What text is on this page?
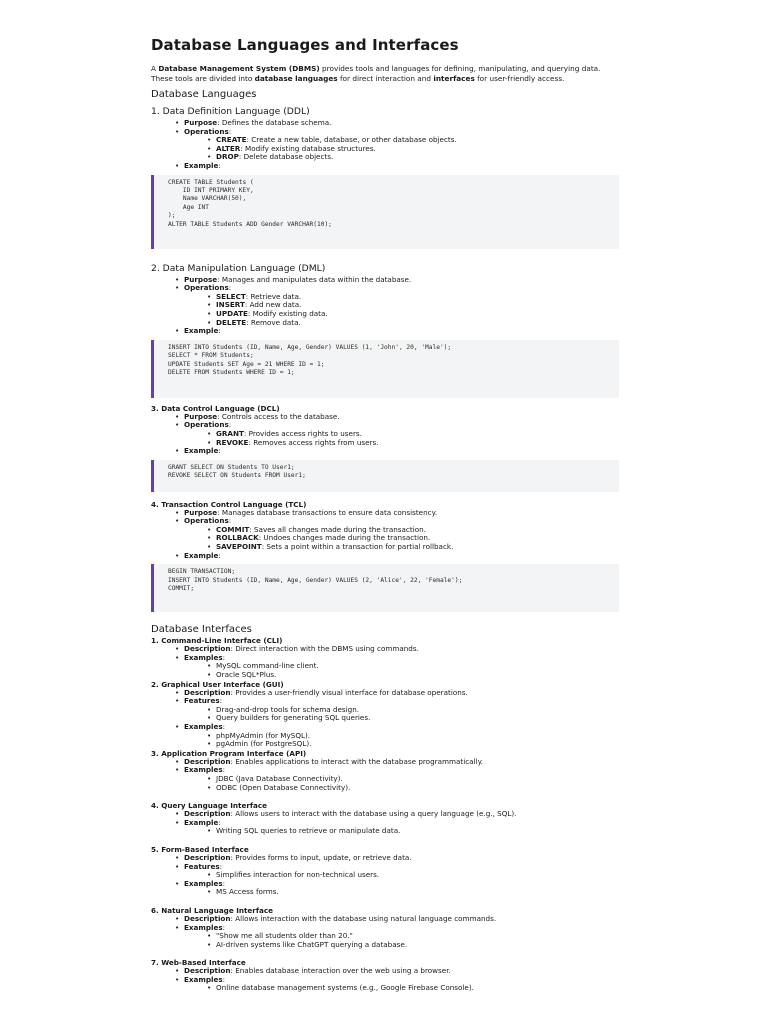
Database Languages and Interfaces

A Database Management System (DBMS) provides tools and languages for defining, manipulating, and querying data. These tools are divided into database languages for direct interaction and interfaces for user-friendly access.

Database Languages
1. Data Definition Language (DDL)
• Purpose: Defines the database schema.
• Operations:
• CREATE: Create a new table, database, or other database objects.
• ALTER: Modify existing database structures.
• DROP: Delete database objects.
• Example:
CREATE TABLE Students (
ID INT PRIMARY KEY,
Name VARCHAR(50),
Age INT
);
ALTER TABLE Students ADD Gender VARCHAR(10);
2. Data Manipulation Language (DML)
• Purpose: Manages and manipulates data within the database.
• Operations:
• SELECT: Retrieve data.
• INSERT: Add new data.
• UPDATE: Modify existing data.
• DELETE: Remove data.
• Example:
INSERT INTO Students (ID, Name, Age, Gender) VALUES (1, 'John', 20, 'Male');
SELECT * FROM Students;
UPDATE Students SET Age = 21 WHERE ID = 1;
DELETE FROM Students WHERE ID = 1;
3. Data Control Language (DCL)
• Purpose: Controls access to the database.
• Operations:
• GRANT: Provides access rights to users.
• REVOKE: Removes access rights from users.
• Example:
GRANT SELECT ON Students TO User1;
REVOKE SELECT ON Students FROM User1;
4. Transaction Control Language (TCL)
• Purpose: Manages database transactions to ensure data consistency.
• Operations:
• COMMIT: Saves all changes made during the transaction.
• ROLLBACK: Undoes changes made during the transaction.
• SAVEPOINT: Sets a point within a transaction for partial rollback.
• Example:
BEGIN TRANSACTION;
INSERT INTO Students (ID, Name, Age, Gender) VALUES (2, 'Alice', 22, 'Female');
COMMIT;
Database Interfaces
1. Command-Line Interface (CLI)
• Description: Direct interaction with the DBMS using commands.
• Examples:
• MySQL command-line client.
• Oracle SQL*Plus.
2. Graphical User Interface (GUI)
• Description: Provides a user-friendly visual interface for database operations.
• Features:
• Drag-and-drop tools for schema design.
• Query builders for generating SQL queries.
• Examples:
• phpMyAdmin (for MySQL).
• pgAdmin (for PostgreSQL).
3. Application Program Interface (API)
• Description: Enables applications to interact with the database programmatically.
• Examples:
• JDBC (Java Database Connectivity).
• ODBC (Open Database Connectivity).
4. Query Language Interface
• Description: Allows users to interact with the database using a query language (e.g., SQL).
• Example:
• Writing SQL queries to retrieve or manipulate data.
5. Form-Based Interface
• Description: Provides forms to input, update, or retrieve data.
• Features:
• Simplifies interaction for non-technical users.
• Examples:
• MS Access forms.
6. Natural Language Interface
• Description: Allows interaction with the database using natural language commands.
• Examples:
• "Show me all students older than 20."
• AI-driven systems like ChatGPT querying a database.
7. Web-Based Interface
• Description: Enables database interaction over the web using a browser.
• Examples:
• Online database management systems (e.g., Google Firebase Console).
